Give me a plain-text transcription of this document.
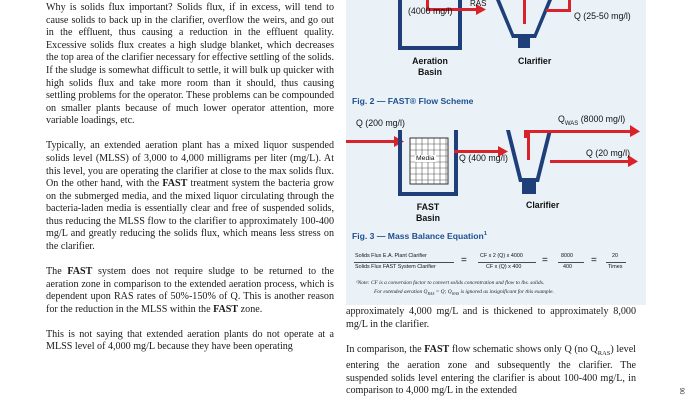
Why is solids flux important? Solids flux, if in excess, will tend to cause solids to back up in the clarifier, overflow the weirs, and go out in the effluent, thus causing a reduction in the effluent quality. Excessive solids flux creates a high sludge blanket, which decreases the top area of the clarifier necessary for effective settling of the solids. If the sludge is somewhat difficult to settle, it will bulk up quicker with high solids flux and take more room than it should, thus causing settling problems for the operator. These problems can be compounded on smaller plants because of much lower operator attention, more variable loadings, etc.

Typically, an extended aeration plant has a mixed liquor suspended solids level (MLSS) of 3,000 to 4,000 milligrams per liter (mg/L). At this level, you are operating the clarifier at close to the max solids flux. On the other hand, with the FAST treatment system the bacteria grow on the submerged media, and the mixed liquor circulating through the bacteria-laden media is essentially clear and free of suspended solids, thus reducing the MLSS flow to the clarifier to approximately 100-400 mg/L and greatly reducing the solids flux, which means less stress on the clarifier.

The FAST system does not require sludge to be returned to the aeration zone in comparison to the extended aeration process, which is dependent upon RAS rates of 50%-150% of Q. This is another reason for the reduction in the MLSS within the FAST zone.

This is not saying that extended aeration plants do not operate at a MLSS level of 4,000 mg/L because they have been operating

RAS
(4000 mg/l)	Q (25-50 mg/l)
Aeration
Basin
Clarifier
Fig. 2 — FAST® Flow Scheme
Q (200 mg/l)	$Q_{WAS}$ (8000 mg/l)
Media	Q (400 mg/l)	Q (20 mg/l)
FAST
Basin
Clarifier
Fig. 3 — Mass Balance Equation$^1$
Solids Flux E.A. Plant Clarifier
Solids Flux FAST System Clarifier
= CF x 2 (Q) x 4000
CF x (Q) x 400
= 8000
400
=	20
Times
¹Note: CF is a conversion factor to convert solids concentration and flow to lbs. solids.
For extended aeration $Q_{RAS} = Q$; $Q_{WAS}$ is ignored as insignificant for this example.

approximately 4,000 mg/L and is thickened to approximately 8,000 mg/L in the clarifier.

In comparison, the FAST flow schematic shows only Q (no $Q_{RAS}$) level entering the aeration zone and subsequently the clarifier. The suspended solids level entering the clarifier is about 100-400 mg/L, in comparison to 4,000 mg/L in the extended	06
